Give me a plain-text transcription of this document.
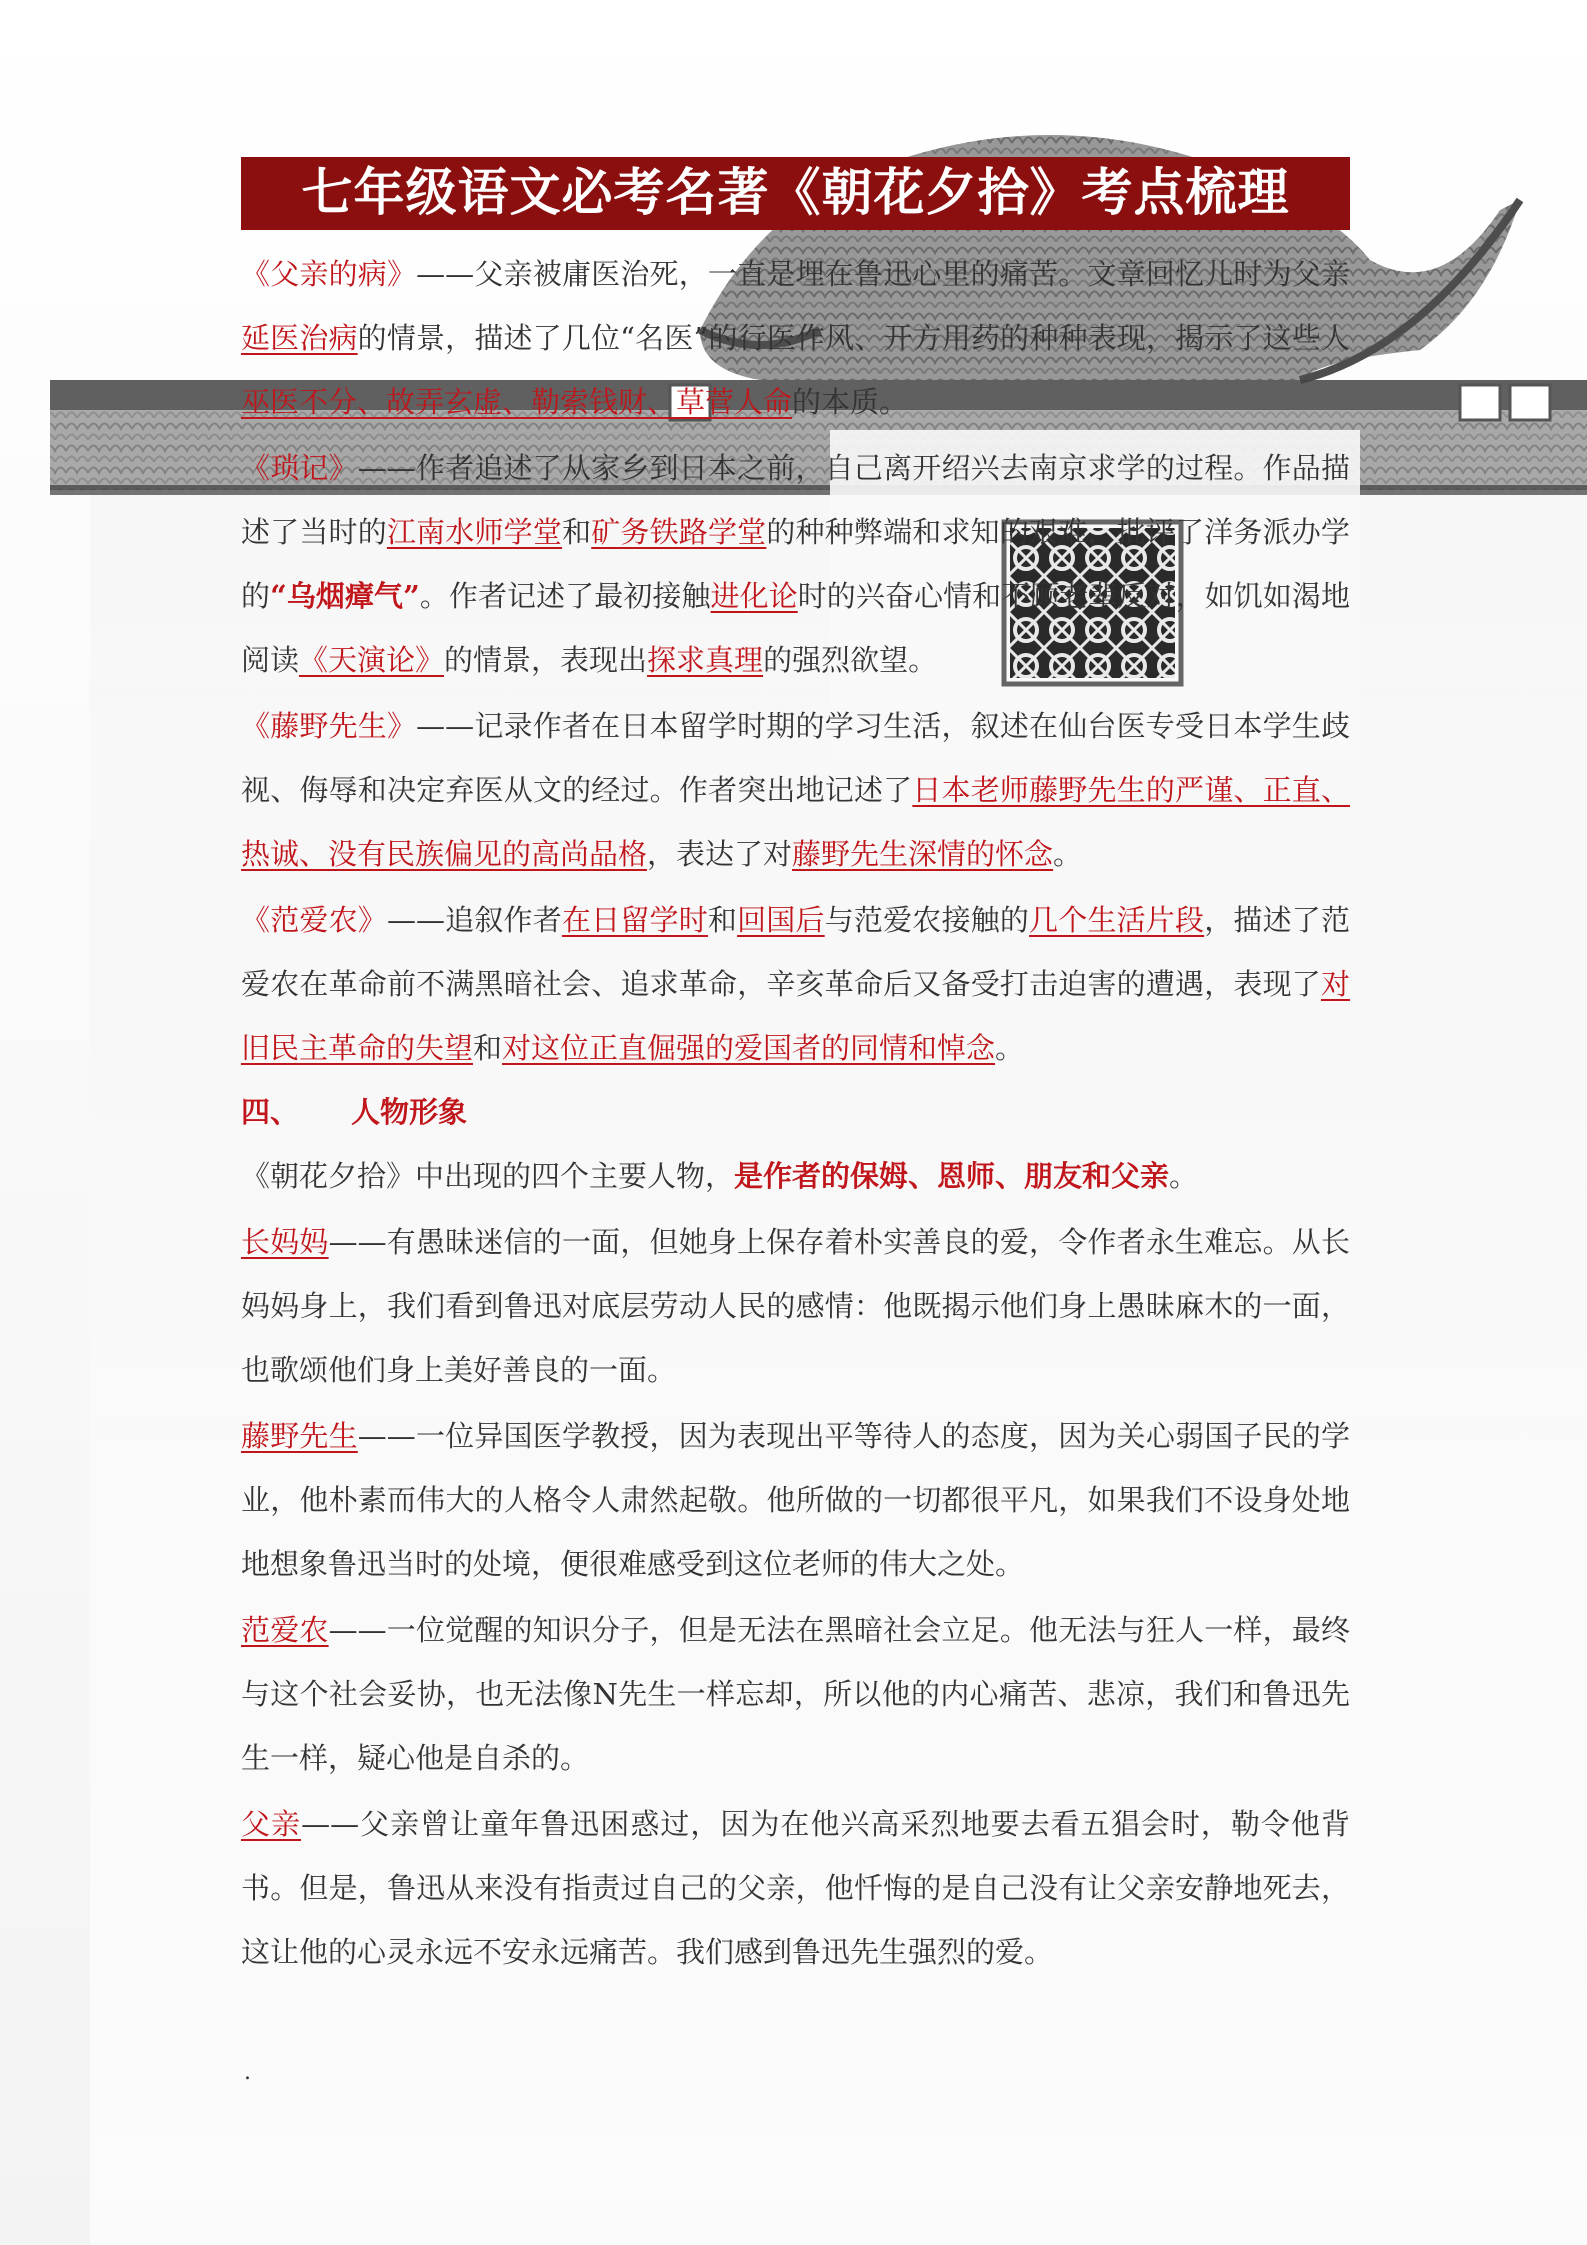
七年级语文必考名著《朝花夕拾》考点梳理

《父亲的病》——父亲被庸医治死，一直是埋在鲁迅心里的痛苦。文章回忆儿时为父亲延医治病的情景，描述了几位“名医”的行医作风、开方用药的种种表现，揭示了这些人巫医不分、故弄玄虚、勒索钱财、草菅人命的本质。

《琐记》——作者追述了从家乡到日本之前，自己离开绍兴去南京求学的过程。作品描述了当时的江南水师学堂和矿务铁路学堂的种种弊端和求知的艰难，批评了洋务派办学的“乌烟瘴气”。作者记述了最初接触进化论时的兴奋心情和不顾老辈反对，如饥如渴地阅读《天演论》的情景，表现出探求真理的强烈欲望。

《藤野先生》——记录作者在日本留学时期的学习生活，叙述在仙台医专受日本学生歧视、侮辱和决定弃医从文的经过。作者突出地记述了日本老师藤野先生的严谨、正直、热诚、没有民族偏见的高尚品格，表达了对藤野先生深情的怀念。

《范爱农》——追叙作者在日留学时和回国后与范爱农接触的几个生活片段，描述了范爱农在革命前不满黑暗社会、追求革命，辛亥革命后又备受打击迫害的遭遇，表现了对旧民主革命的失望和对这位正直倔强的爱国者的同情和悼念。

四、 人物形象

《朝花夕拾》中出现的四个主要人物，是作者的保姆、恩师、朋友和父亲。

长妈妈——有愚昧迷信的一面，但她身上保存着朴实善良的爱，令作者永生难忘。从长妈妈身上，我们看到鲁迅对底层劳动人民的感情：他既揭示他们身上愚昧麻木的一面，也歌颂他们身上美好善良的一面。

藤野先生——一位异国医学教授，因为表现出平等待人的态度，因为关心弱国子民的学业，他朴素而伟大的人格令人肃然起敬。他所做的一切都很平凡，如果我们不设身处地地想象鲁迅当时的处境，便很难感受到这位老师的伟大之处。

范爱农——一位觉醒的知识分子，但是无法在黑暗社会立足。他无法与狂人一样，最终与这个社会妥协，也无法像N先生一样忘却，所以他的内心痛苦、悲凉，我们和鲁迅先生一样，疑心他是自杀的。

父亲——父亲曾让童年鲁迅困惑过，因为在他兴高采烈地要去看五猖会时，勒令他背书。但是，鲁迅从来没有指责过自己的父亲，他忏悔的是自己没有让父亲安静地死去，这让他的心灵永远不安永远痛苦。我们感到鲁迅先生强烈的爱。

.
